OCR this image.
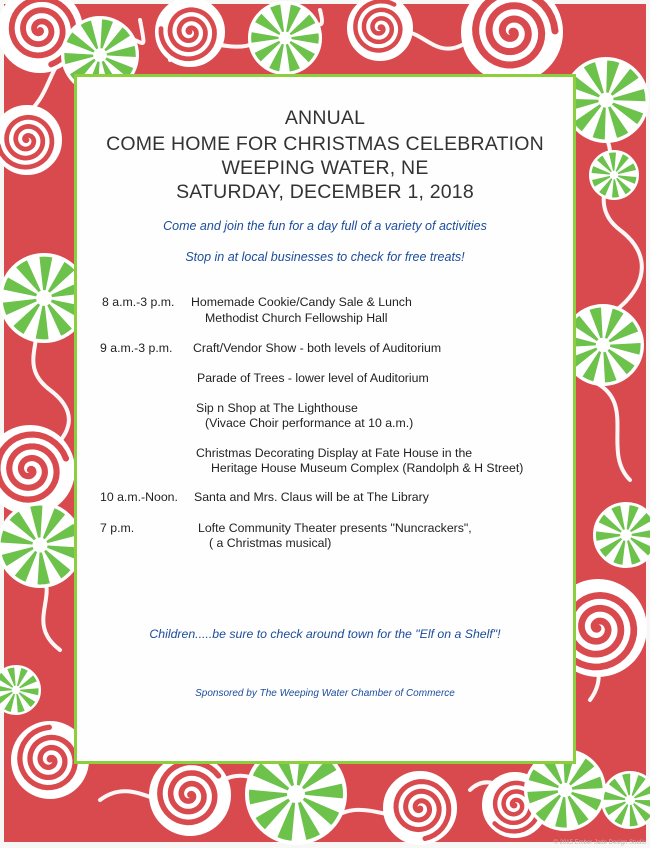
ANNUAL
COME HOME FOR CHRISTMAS CELEBRATION
WEEPING WATER, NE
SATURDAY, DECEMBER 1, 2018
Come and join the fun for a day full of a variety of activities
Stop in at local businesses to check for free treats!
8 a.m.-3 p.m. Homemade Cookie/Candy Sale & Lunch
Methodist Church Fellowship Hall
9 a.m.-3 p.m. Craft/Vendor Show - both levels of Auditorium
Parade of Trees - lower level of Auditorium
Sip n Shop at The Lighthouse
(Vivace Choir performance at 10 a.m.)
Christmas Decorating Display at Fate House in the
Heritage House Museum Complex (Randolph & H Street)
10 a.m.-Noon. Santa and Mrs. Claus will be at The Library
7 p.m.	Lofte Community Theater presents "Nuncrackers",
( a Christmas musical)
Children.....be sure to check around town for the "Elf on a Shelf"!
Sponsored by The Weeping Water Chamber of Commerce
© 2015 Ember Jade Design Studio
